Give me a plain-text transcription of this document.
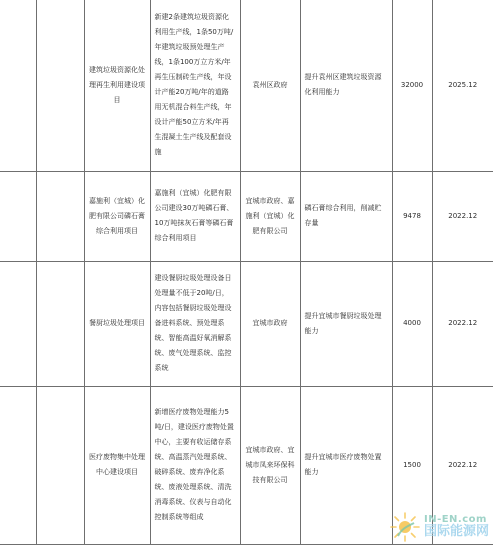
		建筑垃圾资源化处理再生利用建设项目	新建2条建筑垃圾资源化利用生产线，1条50万吨/年建筑垃圾预处理生产线，1条100万立方米/年再生压制砖生产线，年设计产能20万吨/年的道路用无机混合料生产线，年设计产能50立方米/年再生混凝土生产线及配套设施	袁州区政府	提升袁州区建筑垃圾资源化利用能力	32000	2025.12
		嘉施利（宜城）化肥有限公司磷石膏综合利用项目	嘉施利（宜城）化肥有限公司建设30万吨磷石膏、10万吨抹灰石膏等磷石膏综合利用项目	宜城市政府、嘉施利（宜城）化肥有限公司	磷石膏综合利用，削减贮存量	9478	2022.12
		餐厨垃圾处理项目	建设餐厨垃圾处理设备日处理量不低于20吨/日，内容包括餐厨垃圾处理设备进料系统、预处理系统、智能高温好氧消解系统、废气处理系统、监控系统	宜城市政府	提升宜城市餐厨垃圾处理能力	4000	2022.12
		医疗废物集中处理中心建设项目	新增医疗废物处理能力5吨/日，建设医疗废物处置中心，主要有收运储存系统、高温蒸汽处理系统、破碎系统、废弃净化系统、废液处理系统、清洗消毒系统、仪表与自动化控制系统等组成	宜城市政府、宜城市凤来环保科技有限公司	提升宜城市医疗废物处置能力	1500	2022.12
IN-EN.com
国际能源网
